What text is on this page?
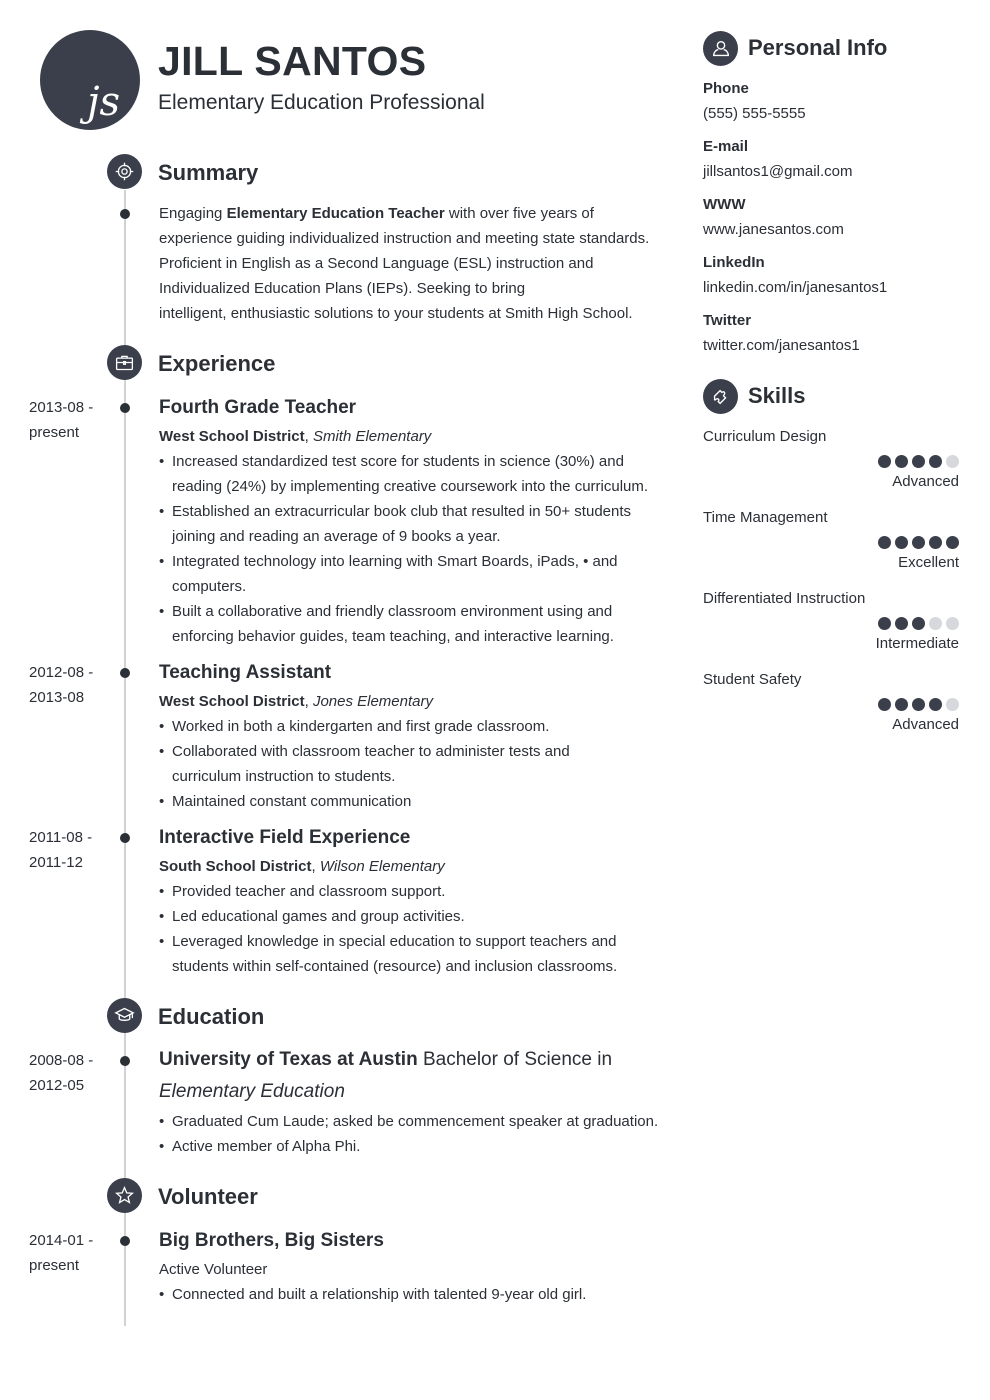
js
JILL SANTOS
Elementary Education Professional
Summary
Engaging Elementary Education Teacher with over five years of
experience guiding individualized instruction and meeting state standards.
Proficient in English as a Second Language (ESL) instruction and
Individualized Education Plans (IEPs). Seeking to bring
intelligent, enthusiastic solutions to your students at Smith High School.
Experience
2013-08 -
present
Fourth Grade Teacher
West School District, Smith Elementary
• Increased standardized test score for students in science (30%) and
reading (24%) by implementing creative coursework into the curriculum.
• Established an extracurricular book club that resulted in 50+ students
joining and reading an average of 9 books a year.
• Integrated technology into learning with Smart Boards, iPads, • and
computers.
• Built a collaborative and friendly classroom environment using and
enforcing behavior guides, team teaching, and interactive learning.
2012-08 -
2013-08
Teaching Assistant
West School District, Jones Elementary
• Worked in both a kindergarten and first grade classroom.
• Collaborated with classroom teacher to administer tests and
curriculum instruction to students.
• Maintained constant communication
2011-08 -
2011-12
Interactive Field Experience
South School District, Wilson Elementary
• Provided teacher and classroom support.
• Led educational games and group activities.
• Leveraged knowledge in special education to support teachers and
students within self-contained (resource) and inclusion classrooms.
Education
2008-08 -
2012-05
University of Texas at Austin Bachelor of Science in
Elementary Education
• Graduated Cum Laude; asked be commencement speaker at graduation.
• Active member of Alpha Phi.
Volunteer
2014-01 -
present
Big Brothers, Big Sisters
Active Volunteer
• Connected and built a relationship with talented 9-year old girl.
Personal Info
Phone
(555) 555-5555
E-mail
jillsantos1@gmail.com
WWW
www.janesantos.com
LinkedIn
linkedin.com/in/janesantos1
Twitter
twitter.com/janesantos1
Skills
Curriculum Design
Advanced
Time Management
Excellent
Differentiated Instruction
Intermediate
Student Safety
Advanced
